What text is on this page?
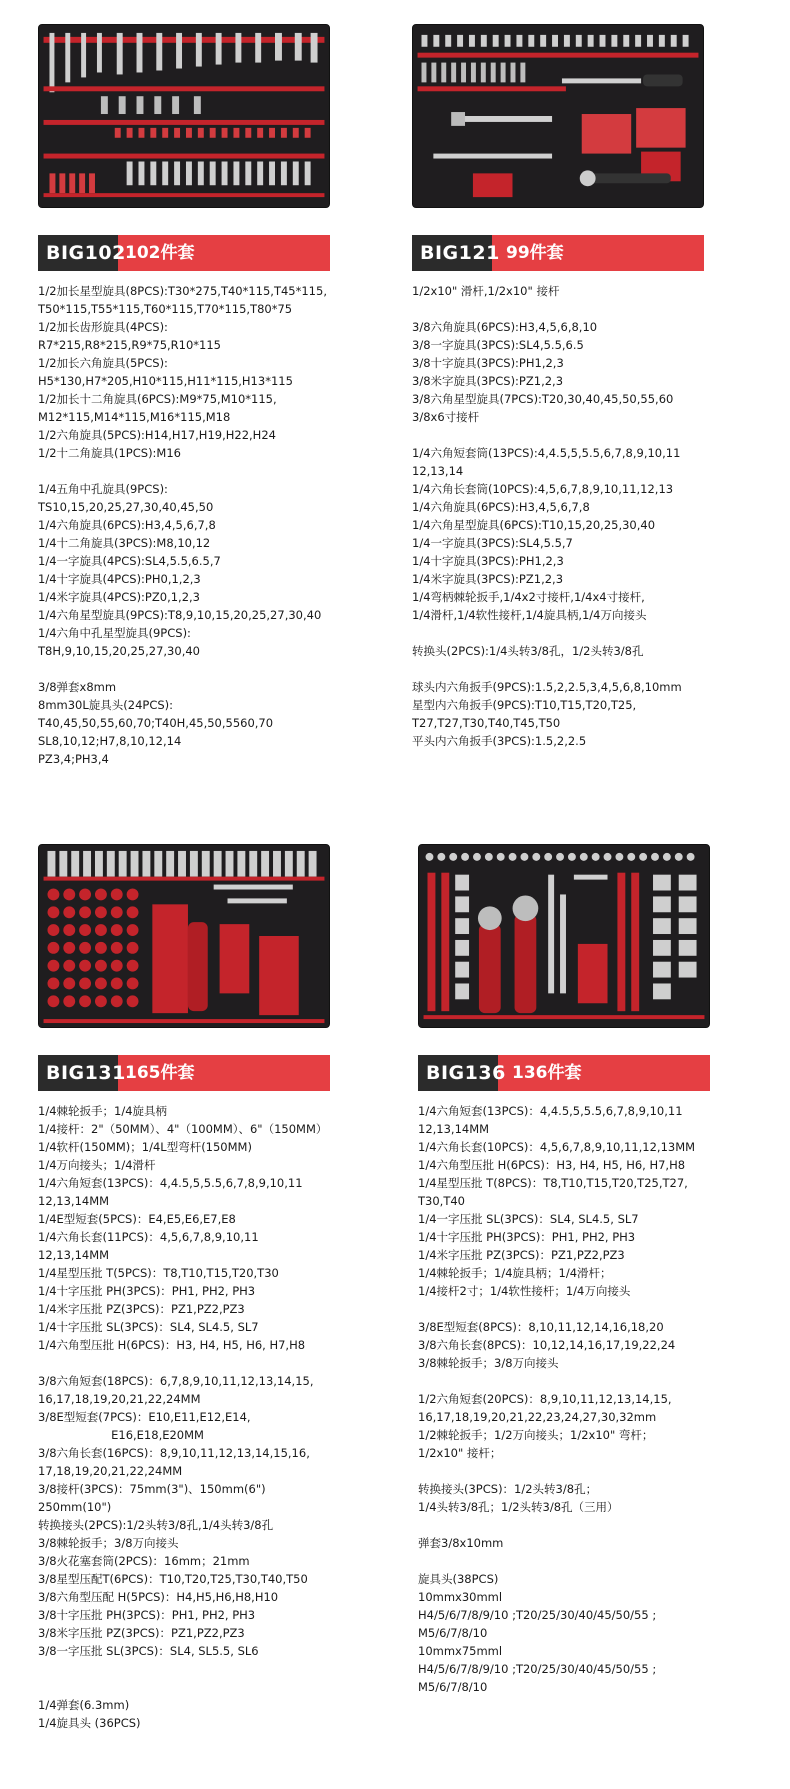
BIG102 102件套
1/2加长星型旋具(8PCS):T30*275,T40*115,T45*115,
T50*115,T55*115,T60*115,T70*115,T80*75
1/2加长齿形旋具(4PCS):
R7*215,R8*215,R9*75,R10*115
1/2加长六角旋具(5PCS):
H5*130,H7*205,H10*115,H11*115,H13*115
1/2加长十二角旋具(6PCS):M9*75,M10*115,
M12*115,M14*115,M16*115,M18
1/2六角旋具(5PCS):H14,H17,H19,H22,H24
1/2十二角旋具(1PCS):M16
1/4五角中孔旋具(9PCS):
TS10,15,20,25,27,30,40,45,50
1/4六角旋具(6PCS):H3,4,5,6,7,8
1/4十二角旋具(3PCS):M8,10,12
1/4一字旋具(4PCS):SL4,5.5,6.5,7
1/4十字旋具(4PCS):PH0,1,2,3
1/4米字旋具(4PCS):PZ0,1,2,3
1/4六角星型旋具(9PCS):T8,9,10,15,20,25,27,30,40
1/4六角中孔星型旋具(9PCS):
T8H,9,10,15,20,25,27,30,40
3/8弹套x8mm
8mm30L旋具头(24PCS):
T40,45,50,55,60,70;T40H,45,50,5560,70
SL8,10,12;H7,8,10,12,14
PZ3,4;PH3,4
BIG121 99件套
1/2x10" 滑杆,1/2x10" 接杆
3/8六角旋具(6PCS):H3,4,5,6,8,10
3/8一字旋具(3PCS):SL4,5.5,6.5
3/8十字旋具(3PCS):PH1,2,3
3/8米字旋具(3PCS):PZ1,2,3
3/8六角星型旋具(7PCS):T20,30,40,45,50,55,60
3/8x6寸接杆
1/4六角短套筒(13PCS):4,4.5,5,5.5,6,7,8,9,10,11
12,13,14
1/4六角长套筒(10PCS):4,5,6,7,8,9,10,11,12,13
1/4六角旋具(6PCS):H3,4,5,6,7,8
1/4六角星型旋具(6PCS):T10,15,20,25,30,40
1/4一字旋具(3PCS):SL4,5.5,7
1/4十字旋具(3PCS):PH1,2,3
1/4米字旋具(3PCS):PZ1,2,3
1/4弯柄棘轮扳手,1/4x2寸接杆,1/4x4寸接杆,
1/4滑杆,1/4软性接杆,1/4旋具柄,1/4万向接头
转换头(2PCS):1/4头转3/8孔，1/2头转3/8孔
球头内六角扳手(9PCS):1.5,2,2.5,3,4,5,6,8,10mm
星型内六角扳手(9PCS):T10,T15,T20,T25,
T27,T27,T30,T40,T45,T50
平头内六角扳手(3PCS):1.5,2,2.5
BIG131 165件套
1/4棘轮扳手；1/4旋具柄
1/4接杆：2"（50MM）、4"（100MM）、6"（150MM）
1/4软杆(150MM)；1/4L型弯杆(150MM)
1/4万向接头；1/4滑杆
1/4六角短套(13PCS)：4,4.5,5,5.5,6,7,8,9,10,11
12,13,14MM
1/4E型短套(5PCS)：E4,E5,E6,E7,E8
1/4六角长套(11PCS)：4,5,6,7,8,9,10,11
12,13,14MM
1/4星型压批 T(5PCS)：T8,T10,T15,T20,T30
1/4十字压批 PH(3PCS)：PH1, PH2, PH3
1/4米字压批 PZ(3PCS)：PZ1,PZ2,PZ3
1/4十字压批 SL(3PCS)：SL4, SL4.5, SL7
1/4六角型压批 H(6PCS)：H3, H4, H5, H6, H7,H8
3/8六角短套(18PCS)：6,7,8,9,10,11,12,13,14,15,
16,17,18,19,20,21,22,24MM
3/8E型短套(7PCS)：E10,E11,E12,E14,
E16,E18,E20MM
3/8六角长套(16PCS)：8,9,10,11,12,13,14,15,16,
17,18,19,20,21,22,24MM
3/8接杆(3PCS)：75mm(3")、150mm(6")
250mm(10")
转换接头(2PCS):1/2头转3/8孔,1/4头转3/8孔
3/8棘轮扳手；3/8万向接头
3/8火花塞套筒(2PCS)：16mm；21mm
3/8星型压配T(6PCS)：T10,T20,T25,T30,T40,T50
3/8六角型压配 H(5PCS)：H4,H5,H6,H8,H10
3/8十字压批 PH(3PCS)：PH1, PH2, PH3
3/8米字压批 PZ(3PCS)：PZ1,PZ2,PZ3
3/8一字压批 SL(3PCS)：SL4, SL5.5, SL6
1/4弹套(6.3mm)
1/4旋具头 (36PCS)
BIG136 136件套
1/4六角短套(13PCS)：4,4.5,5,5.5,6,7,8,9,10,11
12,13,14MM
1/4六角长套(10PCS)：4,5,6,7,8,9,10,11,12,13MM
1/4六角型压批 H(6PCS)：H3, H4, H5, H6, H7,H8
1/4星型压批 T(8PCS)：T8,T10,T15,T20,T25,T27,
T30,T40
1/4一字压批 SL(3PCS)：SL4, SL4.5, SL7
1/4十字压批 PH(3PCS)：PH1, PH2, PH3
1/4米字压批 PZ(3PCS)：PZ1,PZ2,PZ3
1/4棘轮扳手；1/4旋具柄；1/4滑杆；
1/4接杆2寸；1/4软性接杆；1/4万向接头
3/8E型短套(8PCS)：8,10,11,12,14,16,18,20
3/8六角长套(8PCS)：10,12,14,16,17,19,22,24
3/8棘轮扳手；3/8万向接头
1/2六角短套(20PCS)：8,9,10,11,12,13,14,15,
16,17,18,19,20,21,22,23,24,27,30,32mm
1/2棘轮扳手；1/2万向接头；1/2x10" 弯杆；
1/2x10" 接杆；
转换接头(3PCS)：1/2头转3/8孔；
1/4头转3/8孔；1/2头转3/8孔（三用）
弹套3/8x10mm
旋具头(38PCS)
10mmx30mml
H4/5/6/7/8/9/10 ;T20/25/30/40/45/50/55 ;
M5/6/7/8/10
10mmx75mml
H4/5/6/7/8/9/10 ;T20/25/30/40/45/50/55 ;
M5/6/7/8/10
